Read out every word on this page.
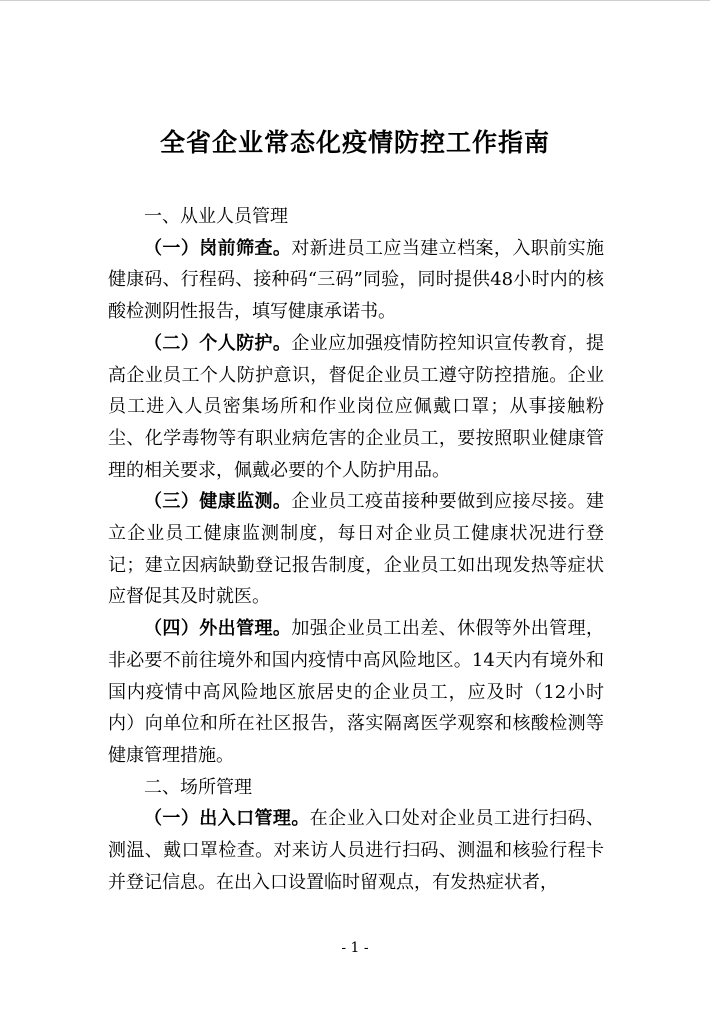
全省企业常态化疫情防控工作指南

一、从业人员管理

（一）岗前筛查。对新进员工应当建立档案，入职前实施健康码、行程码、接种码“三码”同验，同时提供48小时内的核酸检测阴性报告，填写健康承诺书。

（二）个人防护。企业应加强疫情防控知识宣传教育，提高企业员工个人防护意识，督促企业员工遵守防控措施。企业员工进入人员密集场所和作业岗位应佩戴口罩；从事接触粉尘、化学毒物等有职业病危害的企业员工，要按照职业健康管理的相关要求，佩戴必要的个人防护用品。

（三）健康监测。企业员工疫苗接种要做到应接尽接。建立企业员工健康监测制度，每日对企业员工健康状况进行登记；建立因病缺勤登记报告制度，企业员工如出现发热等症状应督促其及时就医。

（四）外出管理。加强企业员工出差、休假等外出管理，非必要不前往境外和国内疫情中高风险地区。14天内有境外和国内疫情中高风险地区旅居史的企业员工，应及时（12小时内）向单位和所在社区报告，落实隔离医学观察和核酸检测等健康管理措施。

二、场所管理

（一）出入口管理。在企业入口处对企业员工进行扫码、测温、戴口罩检查。对来访人员进行扫码、测温和核验行程卡并登记信息。在出入口设置临时留观点，有发热症状者，

- 1 -
